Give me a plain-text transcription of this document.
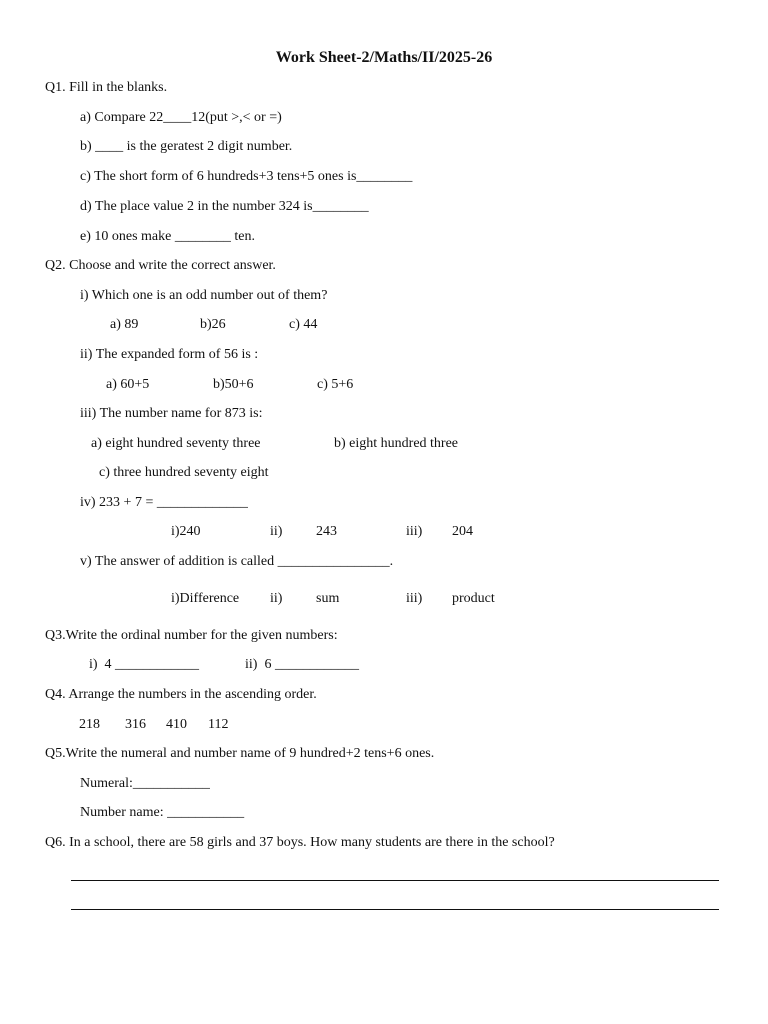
Work Sheet-2/Maths/II/2025-26
Q1. Fill in the blanks.
a) Compare 22____12(put >,< or =)
b) ____ is the geratest 2 digit number.
c) The short form of 6 hundreds+3 tens+5 ones is________
d) The place value 2 in the number 324 is________
e) 10 ones make ________ ten.
Q2. Choose and write the correct answer.
i) Which one is an odd number out of them?
a) 89	b)26	c) 44
ii) The expanded form of 56 is :
a) 60+5	b)50+6	c) 5+6
iii) The number name for 873 is:
a) eight hundred seventy three	b) eight hundred three
c) three hundred seventy eight
iv) 233 + 7 = _____________
i)240	ii) 243	iii) 204
v) The answer of addition is called ________________.
i)Difference ii) sum	iii) product
Q3.Write the ordinal number for the given numbers:
i)  4 ____________	ii)  6 ____________
Q4. Arrange the numbers in the ascending order.
218 316 410 112
Q5.Write the numeral and number name of 9 hundred+2 tens+6 ones.
Numeral:___________
Number name: ___________
Q6. In a school, there are 58 girls and 37 boys. How many students are there in the school?
